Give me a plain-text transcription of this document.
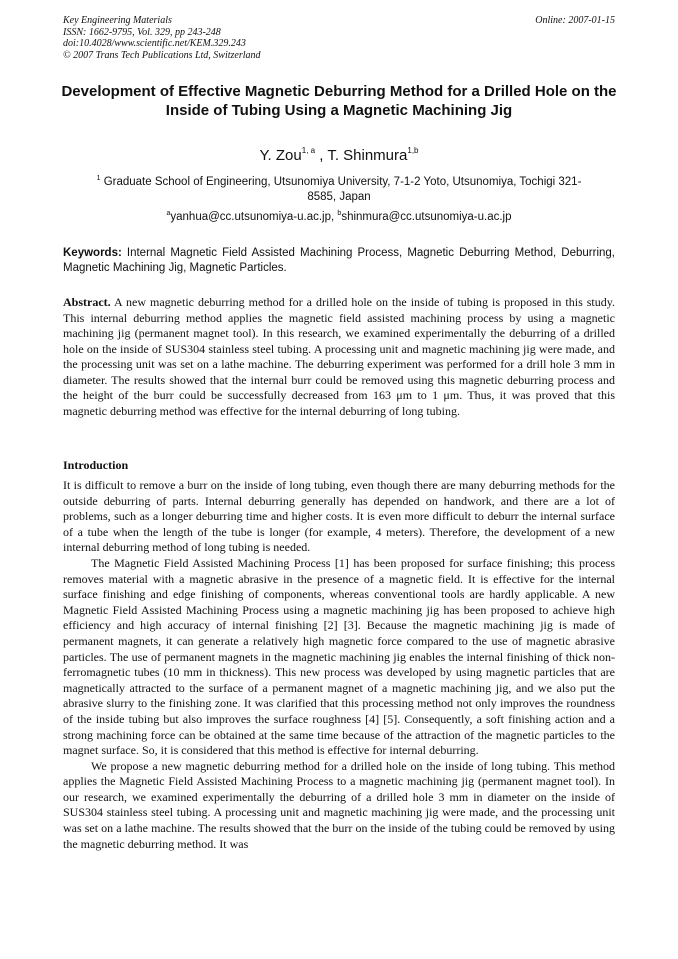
Key Engineering Materials
ISSN: 1662-9795, Vol. 329, pp 243-248
doi:10.4028/www.scientific.net/KEM.329.243
© 2007 Trans Tech Publications Ltd, Switzerland
Online: 2007-01-15
Development of Effective Magnetic Deburring Method for a Drilled Hole on the Inside of Tubing Using a Magnetic Machining Jig
Y. Zou$^{1, a}$ , T. Shinmura$^{1,b}$
$^1$ Graduate School of Engineering, Utsunomiya University, 7-1-2 Yoto, Utsunomiya, Tochigi 321-8585, Japan
$^a$yanhua@cc.utsunomiya-u.ac.jp, $^b$shinmura@cc.utsunomiya-u.ac.jp
Keywords: Internal Magnetic Field Assisted Machining Process, Magnetic Deburring Method, Deburring, Magnetic Machining Jig, Magnetic Particles.
Abstract. A new magnetic deburring method for a drilled hole on the inside of tubing is proposed in this study. This internal deburring method applies the magnetic field assisted machining process by using a magnetic machining jig (permanent magnet tool). In this research, we examined experimentally the deburring of a drilled hole on the inside of SUS304 stainless steel tubing. A processing unit and magnetic machining jig were made, and the processing unit was set on a lathe machine. The deburring experiment was performed for a drill hole 3 mm in diameter. The results showed that the internal burr could be removed using this magnetic deburring process and the height of the burr could be successfully decreased from 163 μm to 1 μm. Thus, it was proved that this magnetic deburring method was effective for the internal deburring of long tubing.
Introduction

It is difficult to remove a burr on the inside of long tubing, even though there are many deburring methods for the outside deburring of parts. Internal deburring generally has depended on handwork, and there are a lot of problems, such as a longer deburring time and higher costs. It is even more difficult to deburr the internal surface of a tube when the length of the tube is longer (for example, 4 meters). Therefore, the development of a new internal deburring method of long tubing is needed.

The Magnetic Field Assisted Machining Process [1] has been proposed for surface finishing; this process removes material with a magnetic abrasive in the presence of a magnetic field. It is effective for the internal surface finishing and edge finishing of components, whereas conventional tools are hardly applicable. A new Magnetic Field Assisted Machining Process using a magnetic machining jig has been proposed to achieve high efficiency and high accuracy of internal finishing [2] [3]. Because the magnetic machining jig is made of permanent magnets, it can generate a relatively high magnetic force compared to the use of magnetic abrasive particles. The use of permanent magnets in the magnetic machining jig enables the internal finishing of thick non-ferromagnetic tubes (10 mm in thickness). This new process was developed by using magnetic particles that are magnetically attracted to the surface of a permanent magnet of a magnetic machining jig, and we also put the abrasive slurry to the finishing zone. It was clarified that this processing method not only improves the roundness of the inside tubing but also improves the surface roughness [4] [5]. Consequently, a soft finishing action and a strong machining force can be obtained at the same time because of the attraction of the magnetic particles to the magnet surface. So, it is considered that this method is effective for internal deburring.

We propose a new magnetic deburring method for a drilled hole on the inside of long tubing. This method applies the Magnetic Field Assisted Machining Process to a magnetic machining jig (permanent magnet tool). In our research, we examined experimentally the deburring of a drilled hole 3 mm in diameter on the inside of SUS304 stainless steel tubing. A processing unit and magnetic machining jig were made, and the processing unit was set on a lathe machine. The results showed that the burr on the inside of the tubing could be removed by using the magnetic deburring method. It was
